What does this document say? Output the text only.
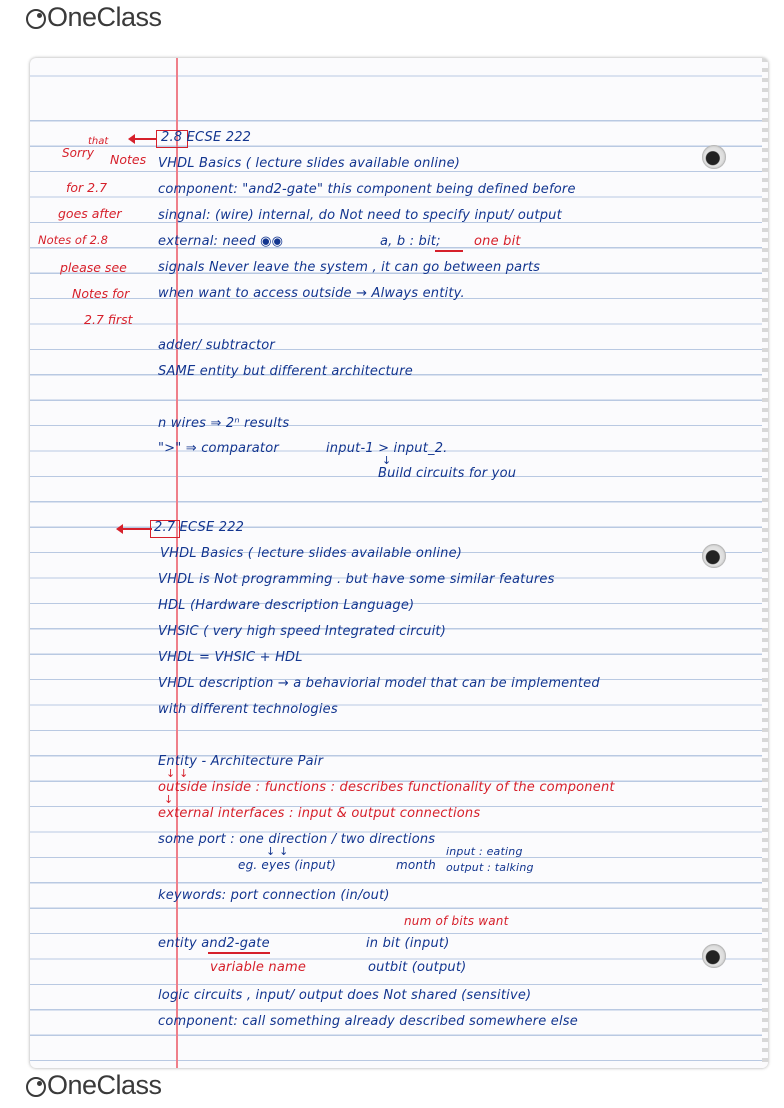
OneClass
Sorry
that
Notes
for 2.7
goes after
Notes of 2.8
please see
Notes for
2.7 first
2.8 ECSE 222
VHDL Basics ( lecture slides available online)
component: "and2-gate" this component being defined before
singnal: (wire) internal, do Not need to specify input/ output
external: need ◉◉	a, b : bit;	one bit
signals Never leave the system , it can go between parts
when want to access outside → Always entity.
adder/ subtractor
SAME entity but different architecture
n wires ⇒ 2ⁿ results
">" ⇒ comparator	input-1 > input_2.
↓
Build circuits for you
2.7 ECSE 222
VHDL Basics ( lecture slides available online)
VHDL is Not programming . but have some similar features
HDL (Hardware description Language)
VHSIC ( very high speed Integrated circuit)
VHDL = VHSIC + HDL
VHDL description → a behaviorial model that can be implemented
with different technologies
Entity - Architecture Pair
↓ ↓
outside inside : functions : describes functionality of the component
↓
external interfaces : input & output connections
some port : one direction / two directions
↓ ↓
eg. eyes (input)	month
input : eating
output : talking
keywords: port connection (in/out)
num of bits want
entity and2-gate	in bit (input)
variable name	outbit (output)
logic circuits , input/ output does Not shared (sensitive)
component: call something already described somewhere else
OneClass
